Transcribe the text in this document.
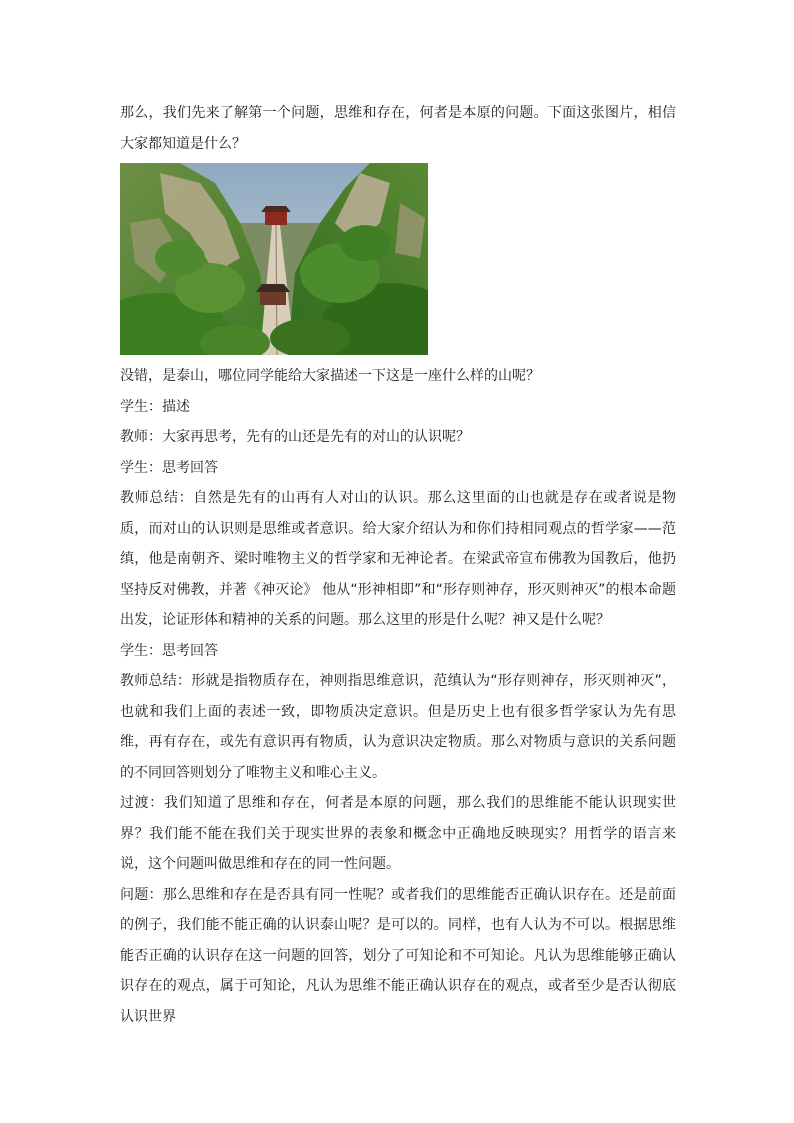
那么，我们先来了解第一个问题，思维和存在，何者是本原的问题。下面这张图片，相信大家都知道是什么？

没错，是泰山，哪位同学能给大家描述一下这是一座什么样的山呢？

学生：描述

教师：大家再思考，先有的山还是先有的对山的认识呢？

学生：思考回答

教师总结：自然是先有的山再有人对山的认识。那么这里面的山也就是存在或者说是物质，而对山的认识则是思维或者意识。给大家介绍认为和你们持相同观点的哲学家——范缜，他是南朝齐、梁时唯物主义的哲学家和无神论者。在梁武帝宣布佛教为国教后，他扔坚持反对佛教，并著《神灭论》 他从“形神相即”和“形存则神存，形灭则神灭”的根本命题出发，论证形体和精神的关系的问题。那么这里的形是什么呢？神又是什么呢？

学生：思考回答

教师总结：形就是指物质存在，神则指思维意识，范缜认为“形存则神存，形灭则神灭”，也就和我们上面的表述一致，即物质决定意识。但是历史上也有很多哲学家认为先有思维，再有存在，或先有意识再有物质，认为意识决定物质。那么对物质与意识的关系问题的不同回答则划分了唯物主义和唯心主义。

过渡：我们知道了思维和存在，何者是本原的问题，那么我们的思维能不能认识现实世界？我们能不能在我们关于现实世界的表象和概念中正确地反映现实？用哲学的语言来说，这个问题叫做思维和存在的同一性问题。

问题：那么思维和存在是否具有同一性呢？或者我们的思维能否正确认识存在。还是前面的例子，我们能不能正确的认识泰山呢？是可以的。同样，也有人认为不可以。根据思维能否正确的认识存在这一问题的回答，划分了可知论和不可知论。凡认为思维能够正确认识存在的观点，属于可知论，凡认为思维不能正确认识存在的观点，或者至少是否认彻底认识世界
